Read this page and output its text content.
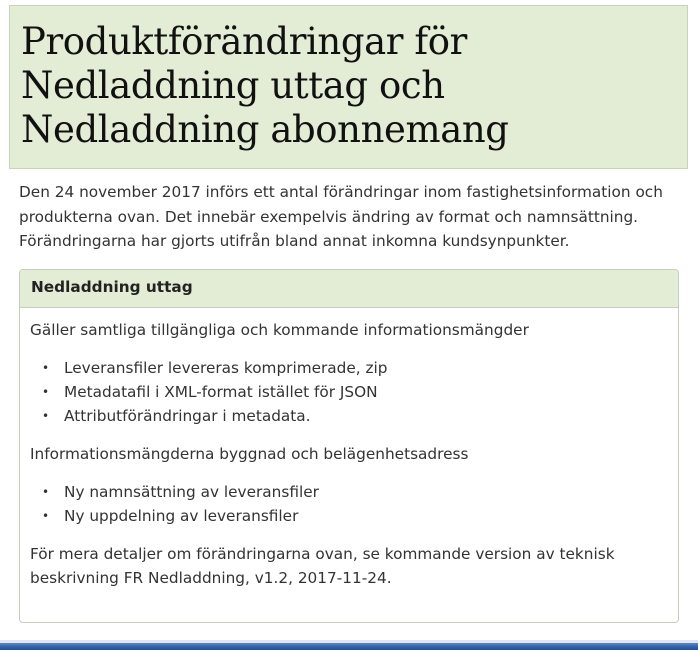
Produktförändringar för Nedladdning uttag och Nedladdning abonnemang

Den 24 november 2017 införs ett antal förändringar inom fastighetsinformation och produkterna ovan. Det innebär exempelvis ändring av format och namnsättning. Förändringarna har gjorts utifrån bland annat inkomna kundsynpunkter.

Nedladdning uttag

Gäller samtliga tillgängliga och kommande informationsmängder

• Leveransfiler levereras komprimerade, zip
• Metadatafil i XML-format istället för JSON
• Attributförändringar i metadata.

Informationsmängderna byggnad och belägenhetsadress

• Ny namnsättning av leveransfiler
• Ny uppdelning av leveransfiler

För mera detaljer om förändringarna ovan, se kommande version av teknisk beskrivning FR Nedladdning, v1.2, 2017-11-24.
